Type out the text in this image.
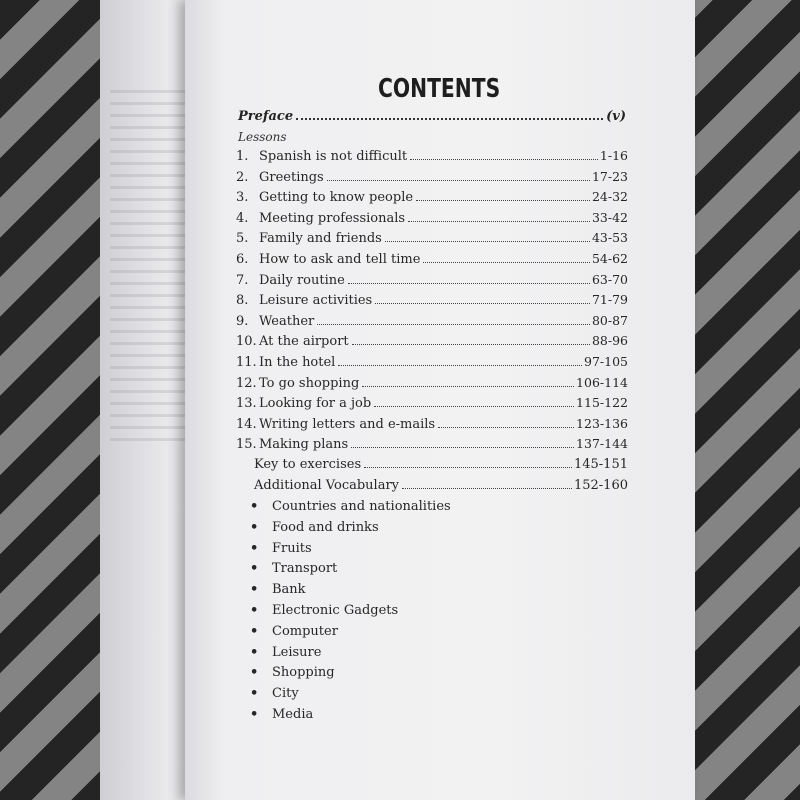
CONTENTS
Preface	(v)
Lessons
1. Spanish is not difficult	1-16
2. Greetings	17-23
3. Getting to know people	24-32
4. Meeting professionals	33-42
5. Family and friends	43-53
6. How to ask and tell time	54-62
7. Daily routine	63-70
8. Leisure activities	71-79
9. Weather	80-87
10. At the airport	88-96
11. In the hotel	97-105
12. To go shopping	106-114
13. Looking for a job	115-122
14. Writing letters and e-mails	123-136
15. Making plans	137-144
Key to exercises	145-151
Additional Vocabulary	152-160
• Countries and nationalities
• Food and drinks
• Fruits
• Transport
• Bank
• Electronic Gadgets
• Computer
• Leisure
• Shopping
• City
• Media
